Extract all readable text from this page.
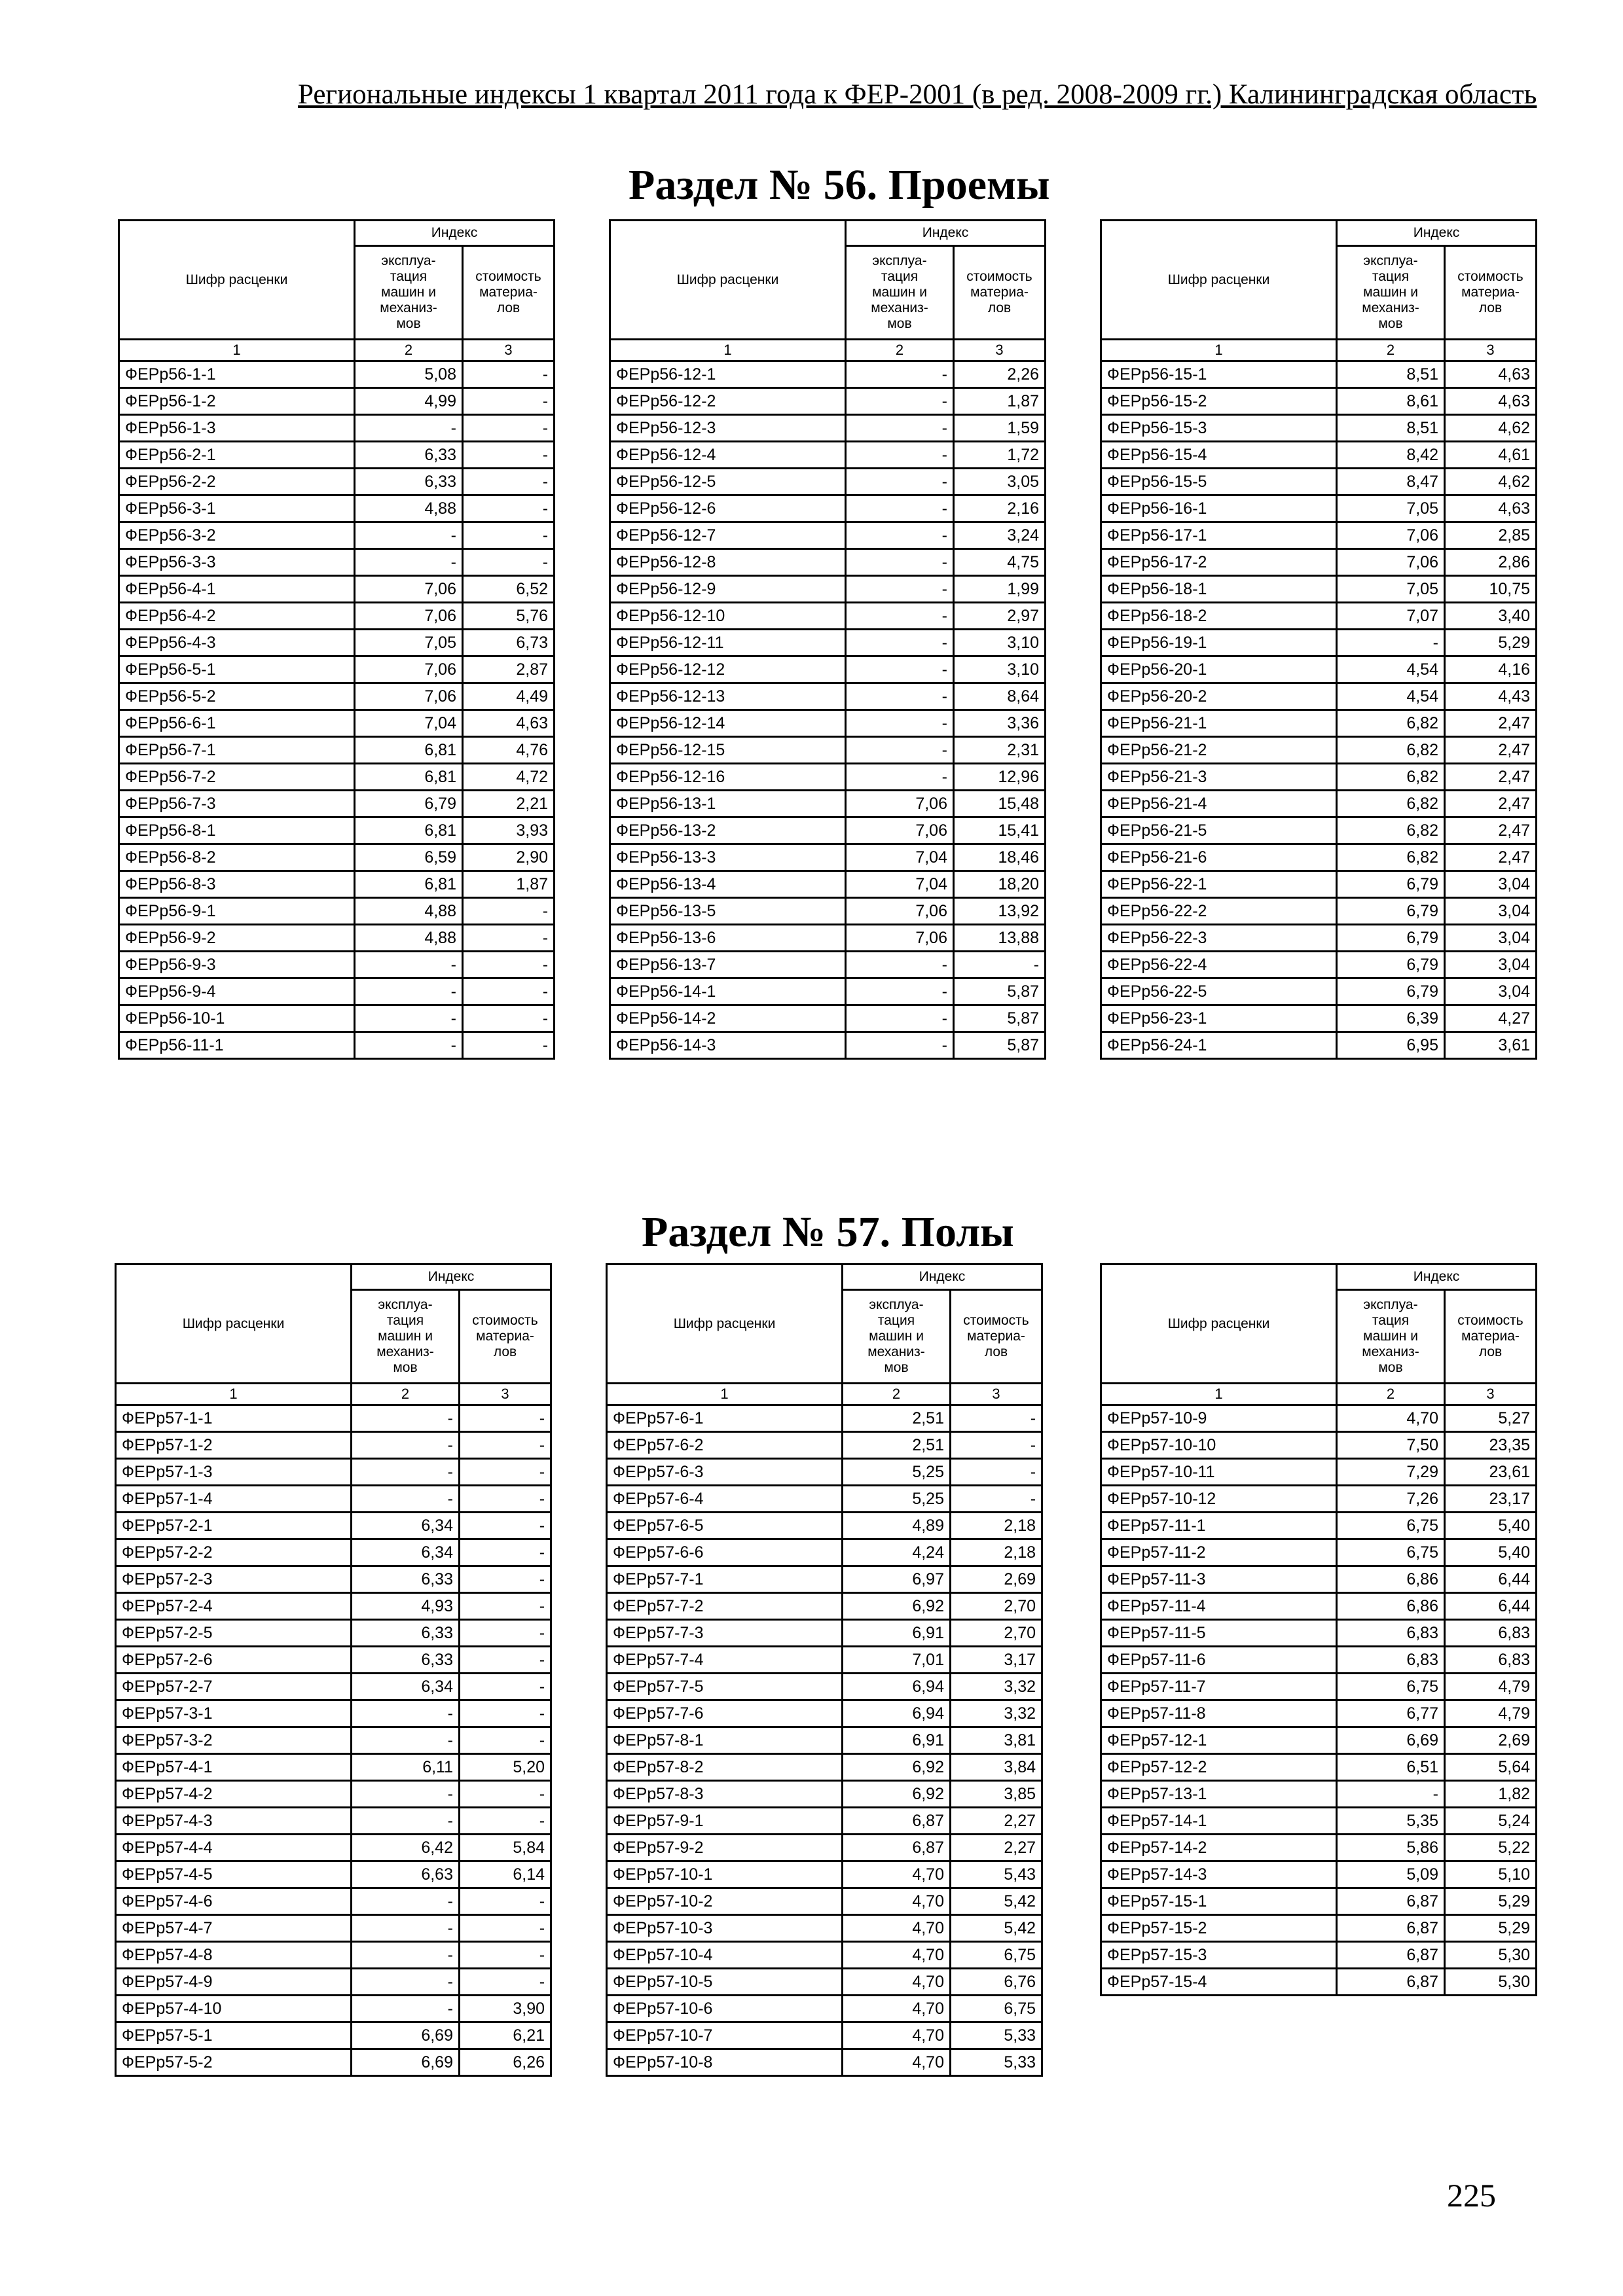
Региональные индексы 1 квартал 2011 года к ФЕР-2001 (в ред. 2008-2009 гг.) Калининградская область
Раздел № 56. Проемы
Раздел № 57. Полы
Шифр расценки	Индекс	
	эксплуа-
тация
машин и
механиз-
мов	стоимость
материа-
лов
1	2	3
ФЕРр56-1-1	5,08	-
ФЕРр56-1-2	4,99	-
ФЕРр56-1-3	-	-
ФЕРр56-2-1	6,33	-
ФЕРр56-2-2	6,33	-
ФЕРр56-3-1	4,88	-
ФЕРр56-3-2	-	-
ФЕРр56-3-3	-	-
ФЕРр56-4-1	7,06	6,52
ФЕРр56-4-2	7,06	5,76
ФЕРр56-4-3	7,05	6,73
ФЕРр56-5-1	7,06	2,87
ФЕРр56-5-2	7,06	4,49
ФЕРр56-6-1	7,04	4,63
ФЕРр56-7-1	6,81	4,76
ФЕРр56-7-2	6,81	4,72
ФЕРр56-7-3	6,79	2,21
ФЕРр56-8-1	6,81	3,93
ФЕРр56-8-2	6,59	2,90
ФЕРр56-8-3	6,81	1,87
ФЕРр56-9-1	4,88	-
ФЕРр56-9-2	4,88	-
ФЕРр56-9-3	-	-
ФЕРр56-9-4	-	-
ФЕРр56-10-1	-	-
ФЕРр56-11-1	-	-
Шифр расценки	Индекс	
	эксплуа-
тация
машин и
механиз-
мов	стоимость
материа-
лов
1	2	3
ФЕРр56-12-1	-	2,26
ФЕРр56-12-2	-	1,87
ФЕРр56-12-3	-	1,59
ФЕРр56-12-4	-	1,72
ФЕРр56-12-5	-	3,05
ФЕРр56-12-6	-	2,16
ФЕРр56-12-7	-	3,24
ФЕРр56-12-8	-	4,75
ФЕРр56-12-9	-	1,99
ФЕРр56-12-10	-	2,97
ФЕРр56-12-11	-	3,10
ФЕРр56-12-12	-	3,10
ФЕРр56-12-13	-	8,64
ФЕРр56-12-14	-	3,36
ФЕРр56-12-15	-	2,31
ФЕРр56-12-16	-	12,96
ФЕРр56-13-1	7,06	15,48
ФЕРр56-13-2	7,06	15,41
ФЕРр56-13-3	7,04	18,46
ФЕРр56-13-4	7,04	18,20
ФЕРр56-13-5	7,06	13,92
ФЕРр56-13-6	7,06	13,88
ФЕРр56-13-7	-	-
ФЕРр56-14-1	-	5,87
ФЕРр56-14-2	-	5,87
ФЕРр56-14-3	-	5,87
Шифр расценки	Индекс	
	эксплуа-
тация
машин и
механиз-
мов	стоимость
материа-
лов
1	2	3
ФЕРр56-15-1	8,51	4,63
ФЕРр56-15-2	8,61	4,63
ФЕРр56-15-3	8,51	4,62
ФЕРр56-15-4	8,42	4,61
ФЕРр56-15-5	8,47	4,62
ФЕРр56-16-1	7,05	4,63
ФЕРр56-17-1	7,06	2,85
ФЕРр56-17-2	7,06	2,86
ФЕРр56-18-1	7,05	10,75
ФЕРр56-18-2	7,07	3,40
ФЕРр56-19-1	-	5,29
ФЕРр56-20-1	4,54	4,16
ФЕРр56-20-2	4,54	4,43
ФЕРр56-21-1	6,82	2,47
ФЕРр56-21-2	6,82	2,47
ФЕРр56-21-3	6,82	2,47
ФЕРр56-21-4	6,82	2,47
ФЕРр56-21-5	6,82	2,47
ФЕРр56-21-6	6,82	2,47
ФЕРр56-22-1	6,79	3,04
ФЕРр56-22-2	6,79	3,04
ФЕРр56-22-3	6,79	3,04
ФЕРр56-22-4	6,79	3,04
ФЕРр56-22-5	6,79	3,04
ФЕРр56-23-1	6,39	4,27
ФЕРр56-24-1	6,95	3,61
Шифр расценки	Индекс	
	эксплуа-
тация
машин и
механиз-
мов	стоимость
материа-
лов
1	2	3
ФЕРр57-1-1	-	-
ФЕРр57-1-2	-	-
ФЕРр57-1-3	-	-
ФЕРр57-1-4	-	-
ФЕРр57-2-1	6,34	-
ФЕРр57-2-2	6,34	-
ФЕРр57-2-3	6,33	-
ФЕРр57-2-4	4,93	-
ФЕРр57-2-5	6,33	-
ФЕРр57-2-6	6,33	-
ФЕРр57-2-7	6,34	-
ФЕРр57-3-1	-	-
ФЕРр57-3-2	-	-
ФЕРр57-4-1	6,11	5,20
ФЕРр57-4-2	-	-
ФЕРр57-4-3	-	-
ФЕРр57-4-4	6,42	5,84
ФЕРр57-4-5	6,63	6,14
ФЕРр57-4-6	-	-
ФЕРр57-4-7	-	-
ФЕРр57-4-8	-	-
ФЕРр57-4-9	-	-
ФЕРр57-4-10	-	3,90
ФЕРр57-5-1	6,69	6,21
ФЕРр57-5-2	6,69	6,26
Шифр расценки	Индекс	
	эксплуа-
тация
машин и
механиз-
мов	стоимость
материа-
лов
1	2	3
ФЕРр57-6-1	2,51	-
ФЕРр57-6-2	2,51	-
ФЕРр57-6-3	5,25	-
ФЕРр57-6-4	5,25	-
ФЕРр57-6-5	4,89	2,18
ФЕРр57-6-6	4,24	2,18
ФЕРр57-7-1	6,97	2,69
ФЕРр57-7-2	6,92	2,70
ФЕРр57-7-3	6,91	2,70
ФЕРр57-7-4	7,01	3,17
ФЕРр57-7-5	6,94	3,32
ФЕРр57-7-6	6,94	3,32
ФЕРр57-8-1	6,91	3,81
ФЕРр57-8-2	6,92	3,84
ФЕРр57-8-3	6,92	3,85
ФЕРр57-9-1	6,87	2,27
ФЕРр57-9-2	6,87	2,27
ФЕРр57-10-1	4,70	5,43
ФЕРр57-10-2	4,70	5,42
ФЕРр57-10-3	4,70	5,42
ФЕРр57-10-4	4,70	6,75
ФЕРр57-10-5	4,70	6,76
ФЕРр57-10-6	4,70	6,75
ФЕРр57-10-7	4,70	5,33
ФЕРр57-10-8	4,70	5,33
Шифр расценки	Индекс	
	эксплуа-
тация
машин и
механиз-
мов	стоимость
материа-
лов
1	2	3
ФЕРр57-10-9	4,70	5,27
ФЕРр57-10-10	7,50	23,35
ФЕРр57-10-11	7,29	23,61
ФЕРр57-10-12	7,26	23,17
ФЕРр57-11-1	6,75	5,40
ФЕРр57-11-2	6,75	5,40
ФЕРр57-11-3	6,86	6,44
ФЕРр57-11-4	6,86	6,44
ФЕРр57-11-5	6,83	6,83
ФЕРр57-11-6	6,83	6,83
ФЕРр57-11-7	6,75	4,79
ФЕРр57-11-8	6,77	4,79
ФЕРр57-12-1	6,69	2,69
ФЕРр57-12-2	6,51	5,64
ФЕРр57-13-1	-	1,82
ФЕРр57-14-1	5,35	5,24
ФЕРр57-14-2	5,86	5,22
ФЕРр57-14-3	5,09	5,10
ФЕРр57-15-1	6,87	5,29
ФЕРр57-15-2	6,87	5,29
ФЕРр57-15-3	6,87	5,30
ФЕРр57-15-4	6,87	5,30
225
